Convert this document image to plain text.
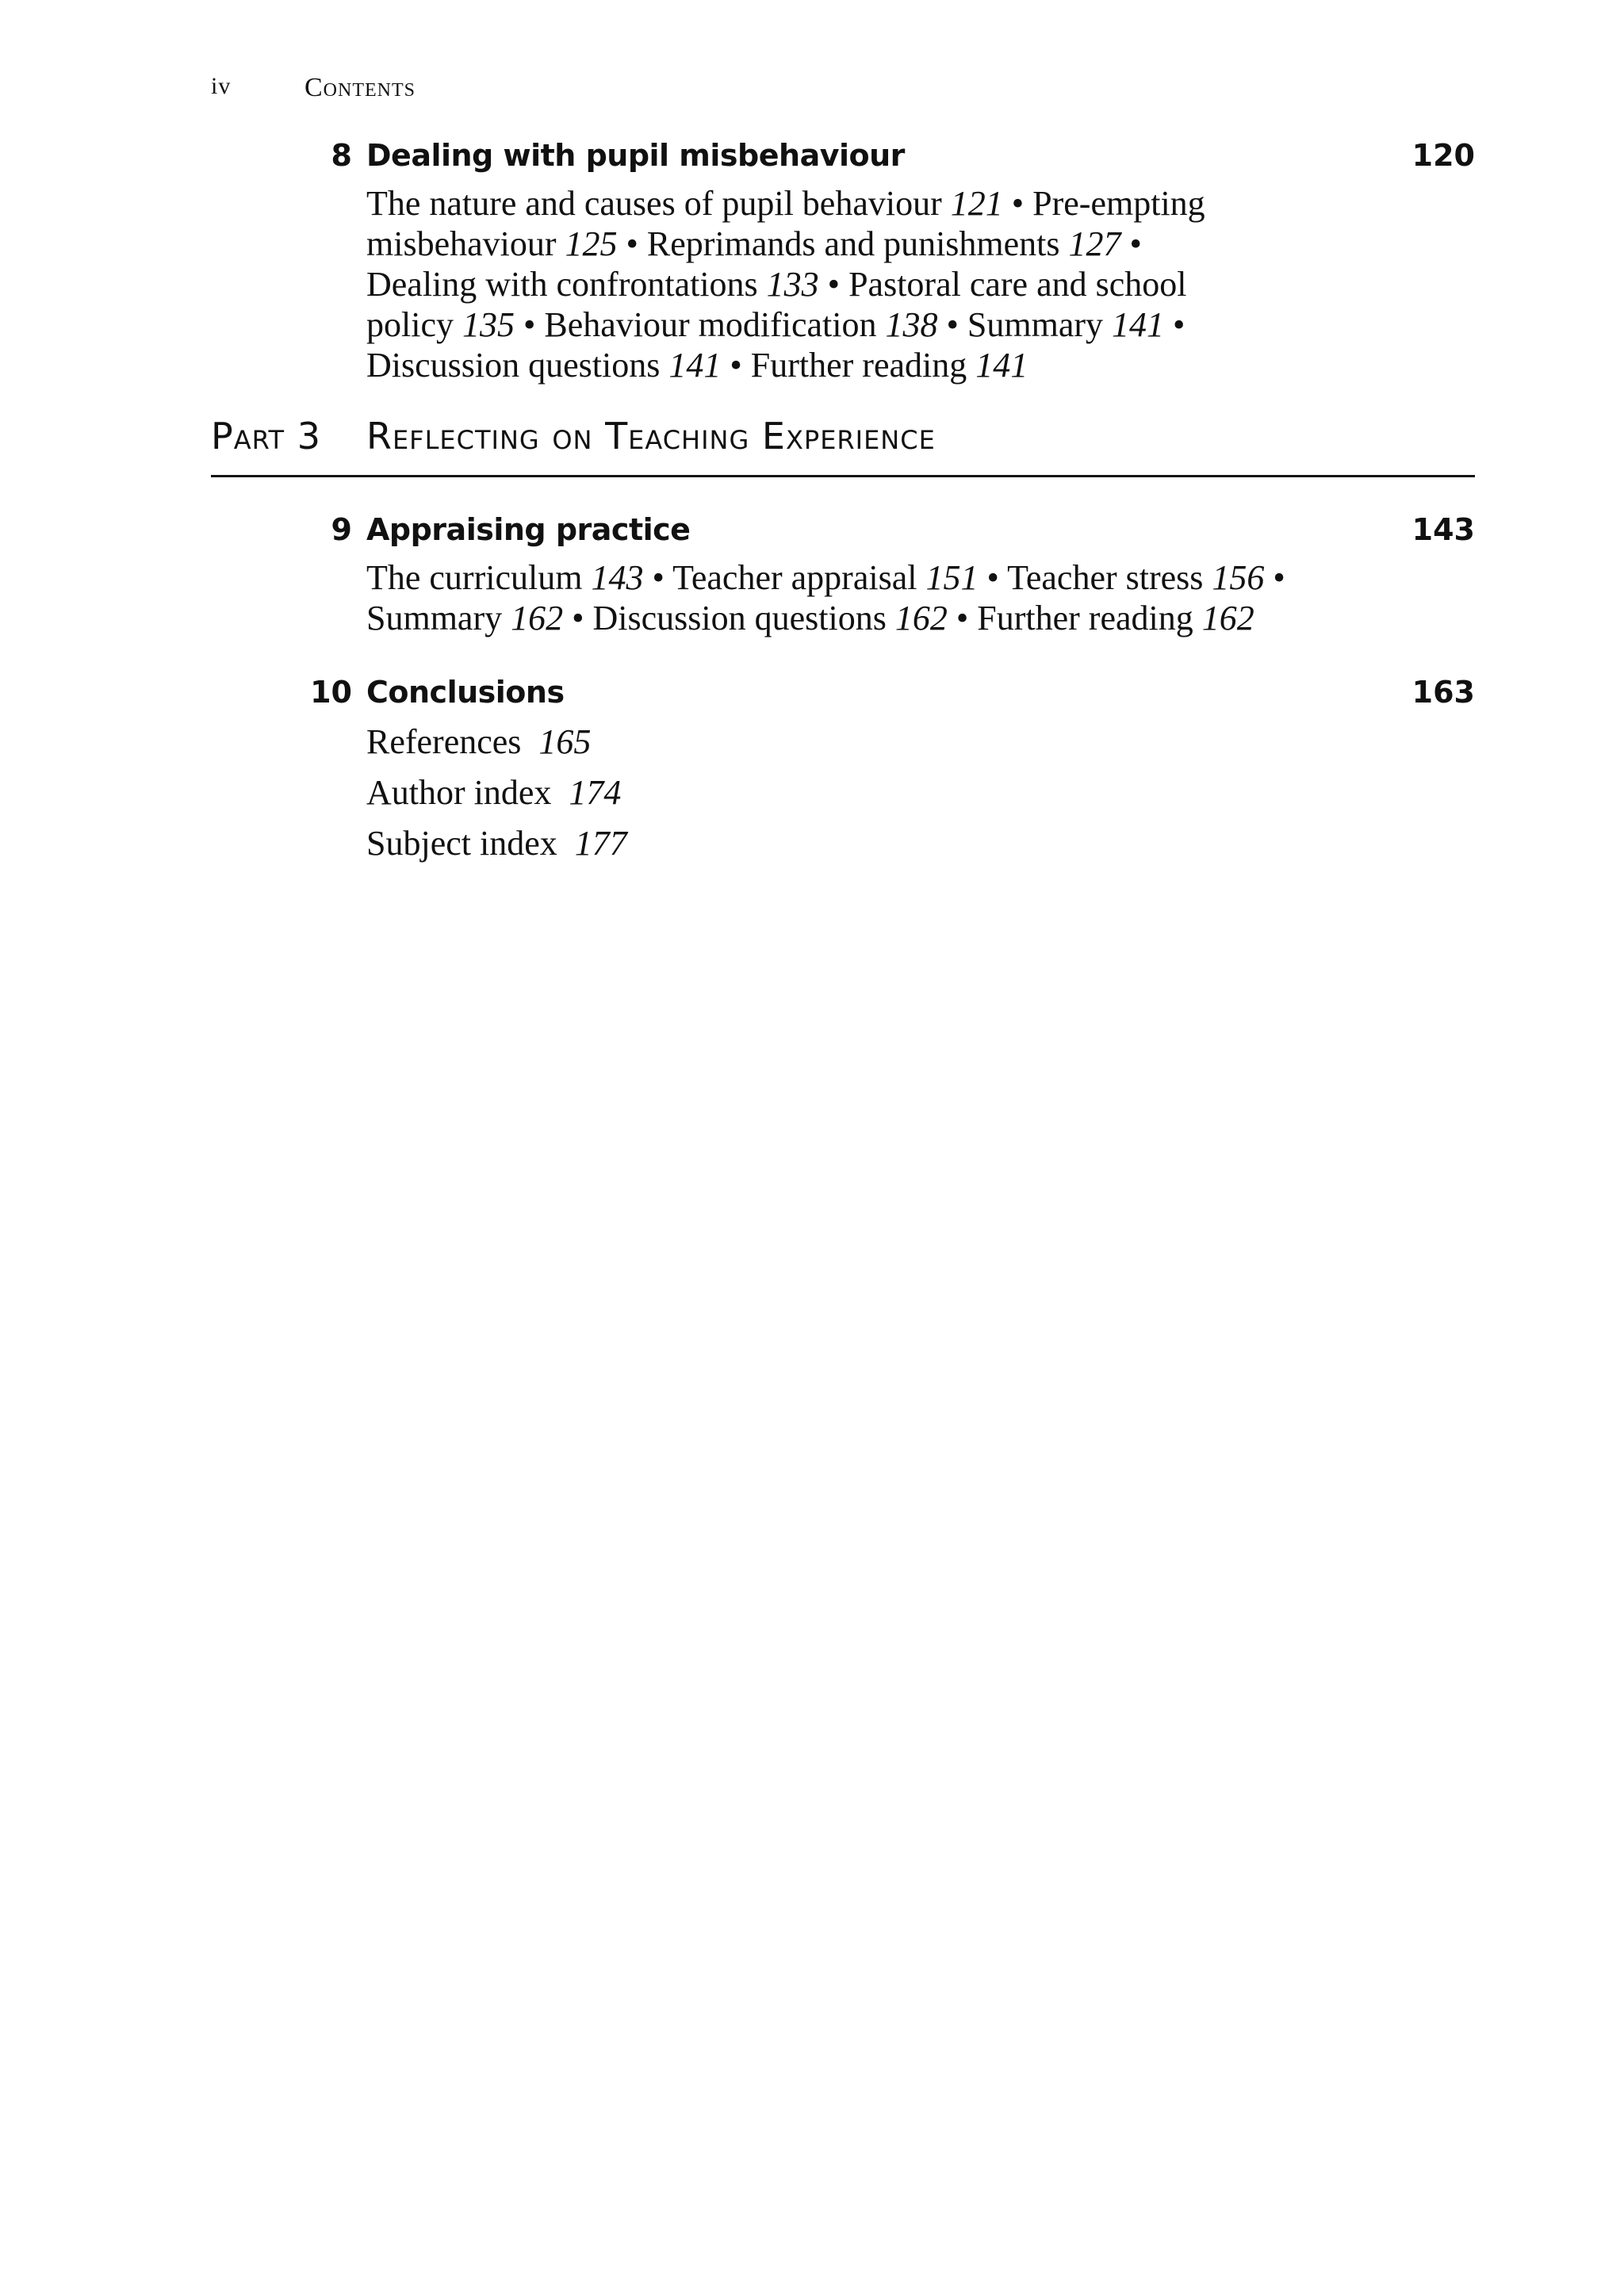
iv	Contents
8 Dealing with pupil misbehaviour	120
The nature and causes of pupil behaviour 121 • Pre-empting
misbehaviour 125 • Reprimands and punishments 127 •
Dealing with confrontations 133 • Pastoral care and school
policy 135 • Behaviour modification 138 • Summary 141 •
Discussion questions 141 • Further reading 141
Part 3 Reflecting on Teaching Experience
9 Appraising practice	143
The curriculum 143 • Teacher appraisal 151 • Teacher stress 156 •
Summary 162 • Discussion questions 162 • Further reading 162
10 Conclusions	163
References 165
Author index 174
Subject index 177
